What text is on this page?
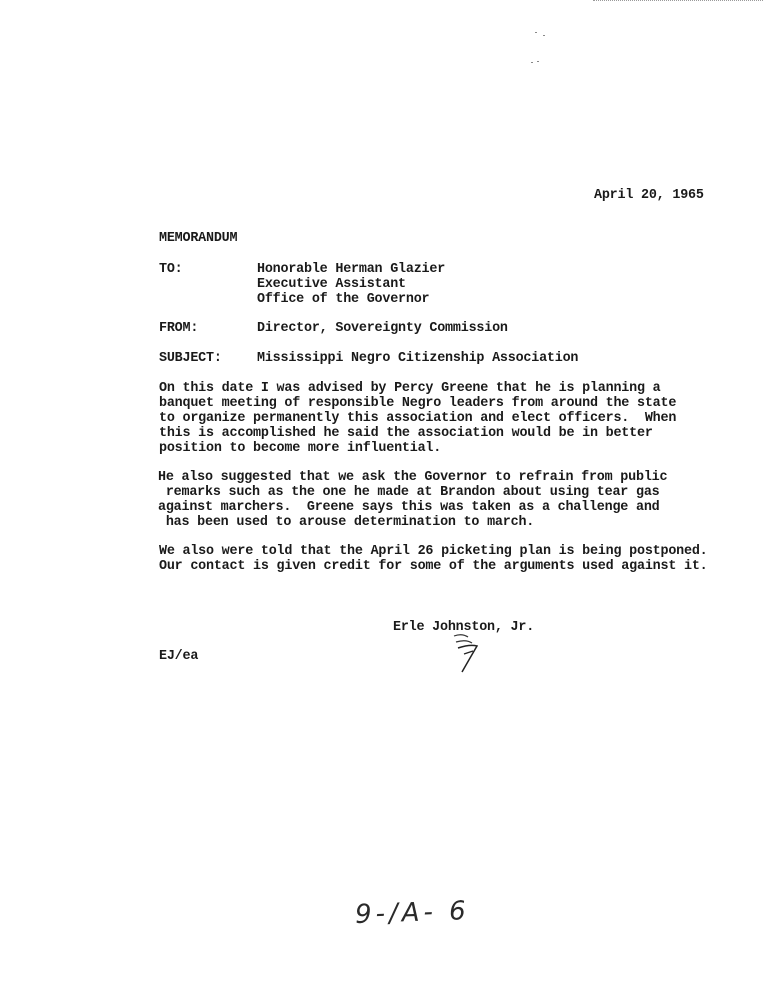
April 20, 1965
MEMORANDUM
TO:	Honorable Herman Glazier
Executive Assistant
Office of the Governor
FROM:	Director, Sovereignty Commission
SUBJECT:	Mississippi Negro Citizenship Association
On this date I was advised by Percy Greene that he is planning a
banquet meeting of responsible Negro leaders from around the state
to organize permanently this association and elect officers.  When
this is accomplished he said the association would be in better
position to become more influential.
He also suggested that we ask the Governor to refrain from public
remarks such as the one he made at Brandon about using tear gas
against marchers.  Greene says this was taken as a challenge and
has been used to arouse determination to march.
We also were told that the April 26 picketing plan is being postponed.
Our contact is given credit for some of the arguments used against it.
Erle Johnston, Jr.
EJ/ea
9-/A- 6
